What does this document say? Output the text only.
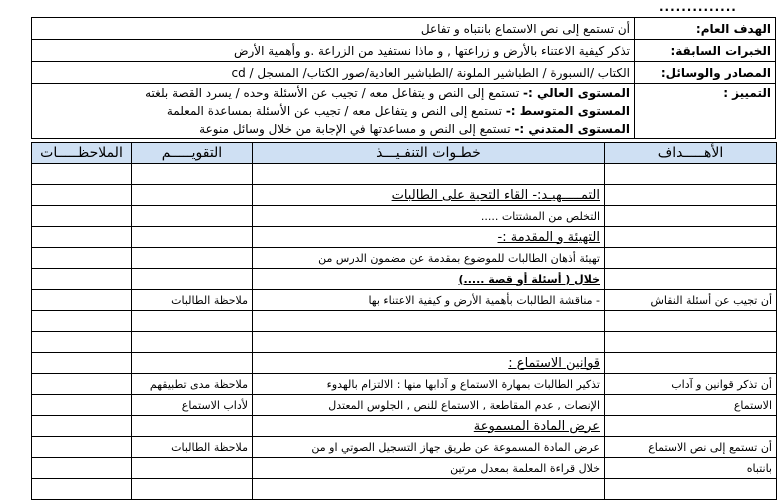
..............
الهدف العام:	أن تستمع إلى نص الاستماع بانتباه و تفاعل
الخبرات السابقة:	تذكر كيفية الاعتناء بالأرض و زراعتها , و ماذا نستفيد من الزراعة .و وأهمية الأرض
المصادر والوسائل:	الكتاب /السبورة / الطباشير الملونة /الطباشير العادية/صور الكتاب/ المسجل / cd
التمييز :	المستوى العالي :- تستمع إلى النص و يتفاعل معه / تجيب عن الأسئلة وحده / يسرد القصة بلغته
المستوى المتوسط :- تستمع إلى النص و يتفاعل معه / تجيب عن الأسئلة بمساعدة المعلمة
المستوى المتدني :- تستمع إلى النص و مساعدتها في الإجابة من خلال وسائل منوعة
الأهـــــداف	خطـوات التنفـيـــذ	التقويـــــم	الملاحظـــــات

	التمـــــهيـد:- القاء التحية على الطالبات		
	التخلص من المشتتات .....		
	التهيئة و المقدمة :-		
	تهيئة أذهان الطالبات للموضوع بمقدمة عن مضمون الدرس من		
	خلال ( أسئلة أو قصة .....)		
أن تجيب عن أسئلة النقاش	- مناقشة الطالبات بأهمية الأرض و كيفية الاعتناء بها	ملاحظة الطالبات	

	قوانين الاستماع :		
أن تذكر قوانين و آداب	تذكير الطالبات بمهارة الاستماع و آدابها منها : الالتزام بالهدوء	ملاحظة مدى تطبيقهم	
الاستماع	الإنصات , عدم المقاطعة , الاستماع للنص , الجلوس المعتدل	لأداب الاستماع	
	عرض المادة المسموعة		
أن تستمع إلى نص الاستماع	عرض المادة المسموعة عن طريق جهاز التسجيل الصوتي او من	ملاحظة الطالبات	
بانتباه	خلال قراءة المعلمة بمعدل مرتين		
